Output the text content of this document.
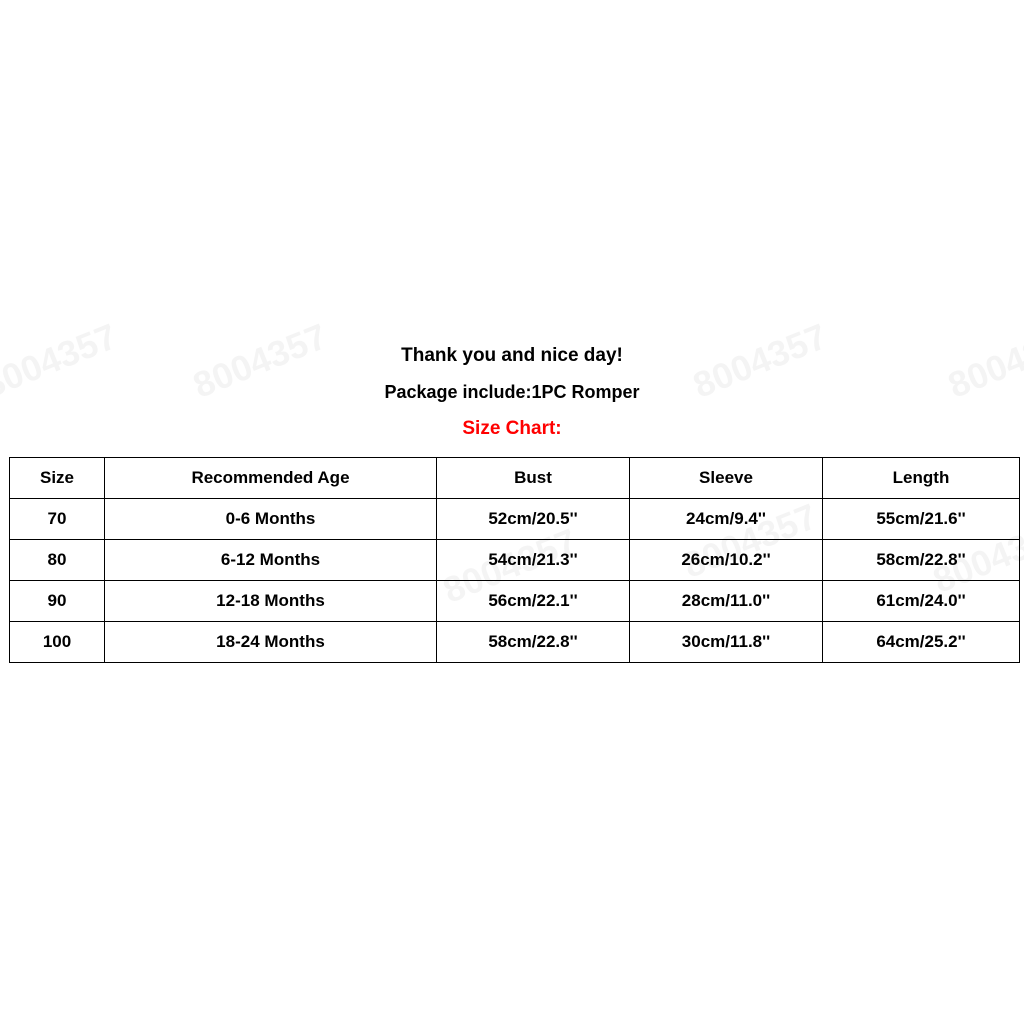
Thank you and nice day!
Package include:1PC Romper
Size Chart:
Size	Recommended Age	Bust	Sleeve	Length
70	0-6 Months	52cm/20.5''	24cm/9.4''	55cm/21.6''
80	6-12 Months	54cm/21.3''	26cm/10.2''	58cm/22.8''
90	12-18 Months	56cm/22.1''	28cm/11.0''	61cm/24.0''
100	18-24 Months	58cm/22.8''	30cm/11.8''	64cm/25.2''
